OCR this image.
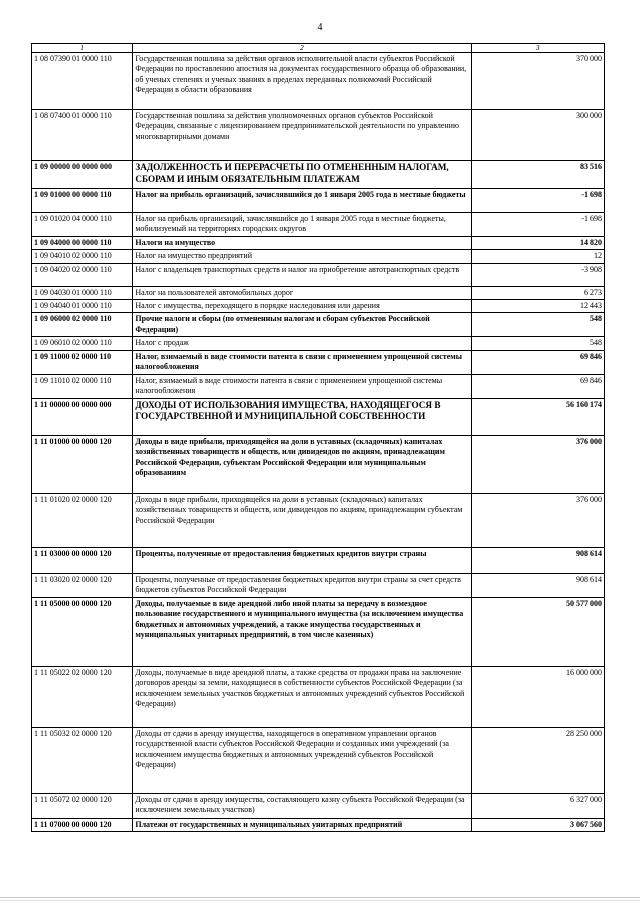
4
1	2	3
1 08 07390 01 0000 110	Государственная пошлина за действия органов исполнительной власти субъектов Российской Федерации по проставлению апостиля на документах государственного образца об образовании, об ученых степенях и ученых званиях в пределах переданных полномочий Российской Федерации в области образования	370 000
1 08 07400 01 0000 110	Государственная пошлина за действия уполномоченных органов субъектов Российской Федерации, связанные с лицензированием предпринимательской деятельности по управлению многоквартирными домами	300 000
1 09 00000 00 0000 000	ЗАДОЛЖЕННОСТЬ И ПЕРЕРАСЧЕТЫ ПО ОТМЕНЕННЫМ НАЛОГАМ, СБОРАМ И ИНЫМ ОБЯЗАТЕЛЬНЫМ ПЛАТЕЖАМ	83 516
1 09 01000 00 0000 110	Налог на прибыль организаций, зачислявшийся до 1 января 2005 года в местные бюджеты	-1 698
1 09 01020 04 0000 110	Налог на прибыль организаций, зачислявшийся до 1 января 2005 года в местные бюджеты, мобилизуемый на территориях городских округов	-1 698
1 09 04000 00 0000 110	Налоги на имущество	14 820
1 09 04010 02 0000 110	Налог на имущество предприятий	12
1 09 04020 02 0000 110	Налог с владельцев транспортных средств и налог на приобретение автотранспортных средств	-3 908
1 09 04030 01 0000 110	Налог на пользователей автомобильных дорог	6 273
1 09 04040 01 0000 110	Налог с имущества, переходящего в порядке наследования или дарения	12 443
1 09 06000 02 0000 110	Прочие налоги и сборы (по отмененным налогам и сборам субъектов Российской Федерации)	548
1 09 06010 02 0000 110	Налог с продаж	548
1 09 11000 02 0000 110	Налог, взимаемый в виде стоимости патента в связи с применением упрощенной системы налогообложения	69 846
1 09 11010 02 0000 110	Налог, взимаемый в виде стоимости патента в связи с применением упрощенной системы налогообложения	69 846
1 11 00000 00 0000 000	ДОХОДЫ ОТ ИСПОЛЬЗОВАНИЯ ИМУЩЕСТВА, НАХОДЯЩЕГОСЯ В ГОСУДАРСТВЕННОЙ И МУНИЦИПАЛЬНОЙ СОБСТВЕННОСТИ	56 160 174
1 11 01000 00 0000 120	Доходы в виде прибыли, приходящейся на доли в уставных (складочных) капиталах хозяйственных товариществ и обществ, или дивидендов по акциям, принадлежащим Российской Федерации, субъектам Российской Федерации или муниципальным образованиям	376 000
1 11 01020 02 0000 120	Доходы в виде прибыли, приходящейся на доли в уставных (складочных) капиталах хозяйственных товариществ и обществ, или дивидендов по акциям, принадлежащим субъектам Российской Федерации	376 000
1 11 03000 00 0000 120	Проценты, полученные от предоставления бюджетных кредитов внутри страны	908 614
1 11 03020 02 0000 120	Проценты, полученные от предоставления бюджетных кредитов внутри страны за счет средств бюджетов субъектов Российской Федерации	908 614
1 11 05000 00 0000 120	Доходы, получаемые в виде арендной либо иной платы за передачу в возмездное пользование государственного и муниципального имущества (за исключением имущества бюджетных и автономных учреждений, а также имущества государственных и муниципальных унитарных предприятий, в том числе казенных)	50 577 000
1 11 05022 02 0000 120	Доходы, получаемые в виде арендной платы, а также средства от продажи права на заключение договоров аренды за земли, находящиеся в собственности субъектов Российской Федерации (за исключением земельных участков бюджетных и автономных учреждений субъектов Российской Федерации)	16 000 000
1 11 05032 02 0000 120	Доходы от сдачи в аренду имущества, находящегося в оперативном управлении органов государственной власти субъектов Российской Федерации и созданных ими учреждений (за исключением имущества бюджетных и автономных учреждений субъектов Российской Федерации)	28 250 000
1 11 05072 02 0000 120	Доходы от сдачи в аренду имущества, составляющего казну субъекта Российской Федерации (за исключением земельных участков)	6 327 000
1 11 07000 00 0000 120	Платежи от государственных и муниципальных унитарных предприятий	3 067 560
